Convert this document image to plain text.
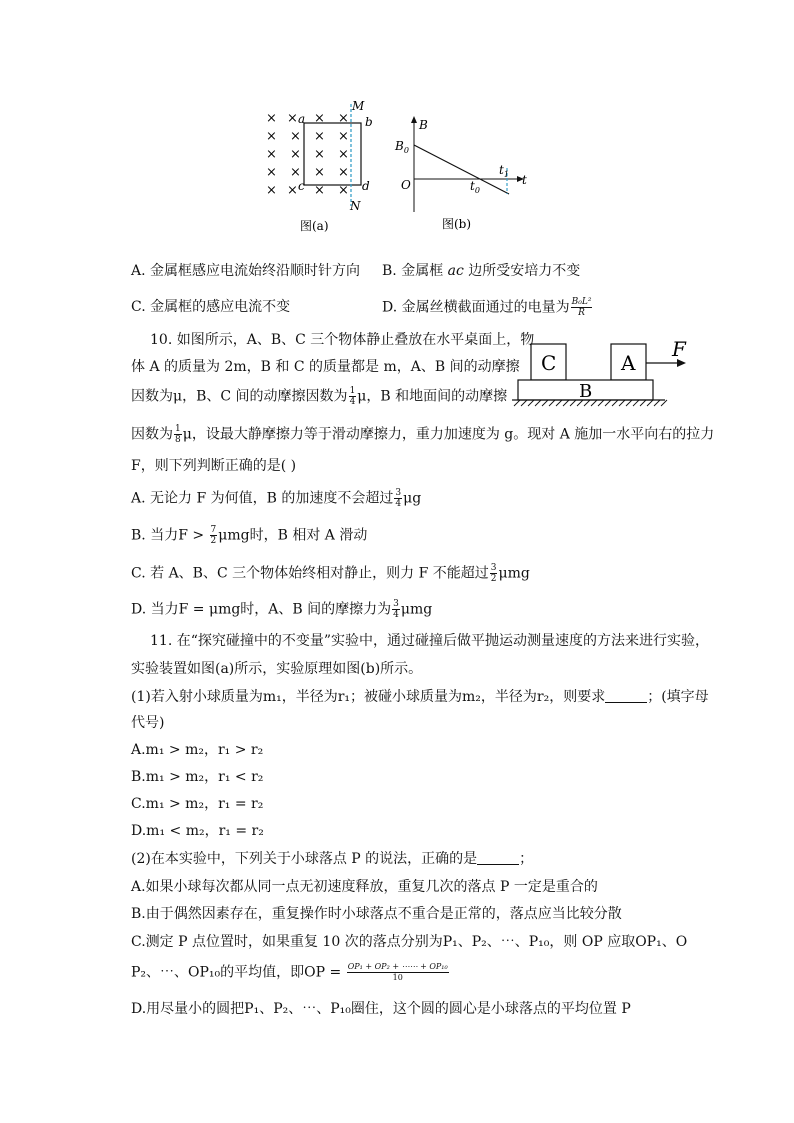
× × × ×
× × × ×
× × × ×
× × × ×
× × × ×
a	b
c	d
M
N
图(a)
B
$B_0$
O	$t_0$
$t_1$ t
图(b)
A. 金属框感应电流始终沿顺时针方向 B. 金属框 ac 边所受安培力不变
C. 金属框的感应电流不变	D. 金属丝横截面通过的电量为 $\frac{\text{B₀L²}}{R}$
C	A
B
F
10. 如图所示，A、B、C 三个物体静止叠放在水平桌面上，物
体 A 的质量为 2m，B 和 C 的质量都是 m，A、B 间的动摩擦
因数为μ，B、C 间的动摩擦因数为 $\frac{1}{4}$ μ，B 和地面间的动摩擦
因数为 $\frac{1}{8}$ μ，设最大静摩擦力等于滑动摩擦力，重力加速度为 g。现对 A 施加一水平向右的拉力
F，则下列判断正确的是( )
A. 无论力 F 为何值，B 的加速度不会超过 $\frac{3}{4}$ μg
B. 当力$F > \frac{7}{2}$ μmg时，B 相对 A 滑动
C. 若 A、B、C 三个物体始终相对静止，则力 F 不能超过 $\frac{3}{2}$ μmg
D. 当力F = μmg时，A、B 间的摩擦力为 $\frac{3}{4}$ μmg
11. 在“探究碰撞中的不变量”实验中，通过碰撞后做平抛运动测量速度的方法来进行实验，
实验装置如图(a)所示，实验原理如图(b)所示。
(1)若入射小球质量为m₁，半径为r₁；被碰小球质量为m₂，半径为r₂，则要求	；(填字母
代号)
A.m₁ > m₂，r₁ > r₂
B.m₁ > m₂，r₁ < r₂
C.m₁ > m₂，r₁ = r₂
D.m₁ < m₂，r₁ = r₂
(2)在本实验中，下列关于小球落点 P 的说法，正确的是	；
A.如果小球每次都从同一点无初速度释放，重复几次的落点 P 一定是重合的
B.由于偶然因素存在，重复操作时小球落点不重合是正常的，落点应当比较分散
C.测定 P 点位置时，如果重复 10 次的落点分别为P₁、P₂、⋯、P₁₀，则 OP 应取OP₁、O
P₂、⋯、OP₁₀的平均值，即OP = $\frac{\text{OP₁ + OP₂ + ⋯⋯ + OP₁₀}}{10}$
D.用尽量小的圆把P₁、P₂、⋯、P₁₀圈住，这个圆的圆心是小球落点的平均位置 P
